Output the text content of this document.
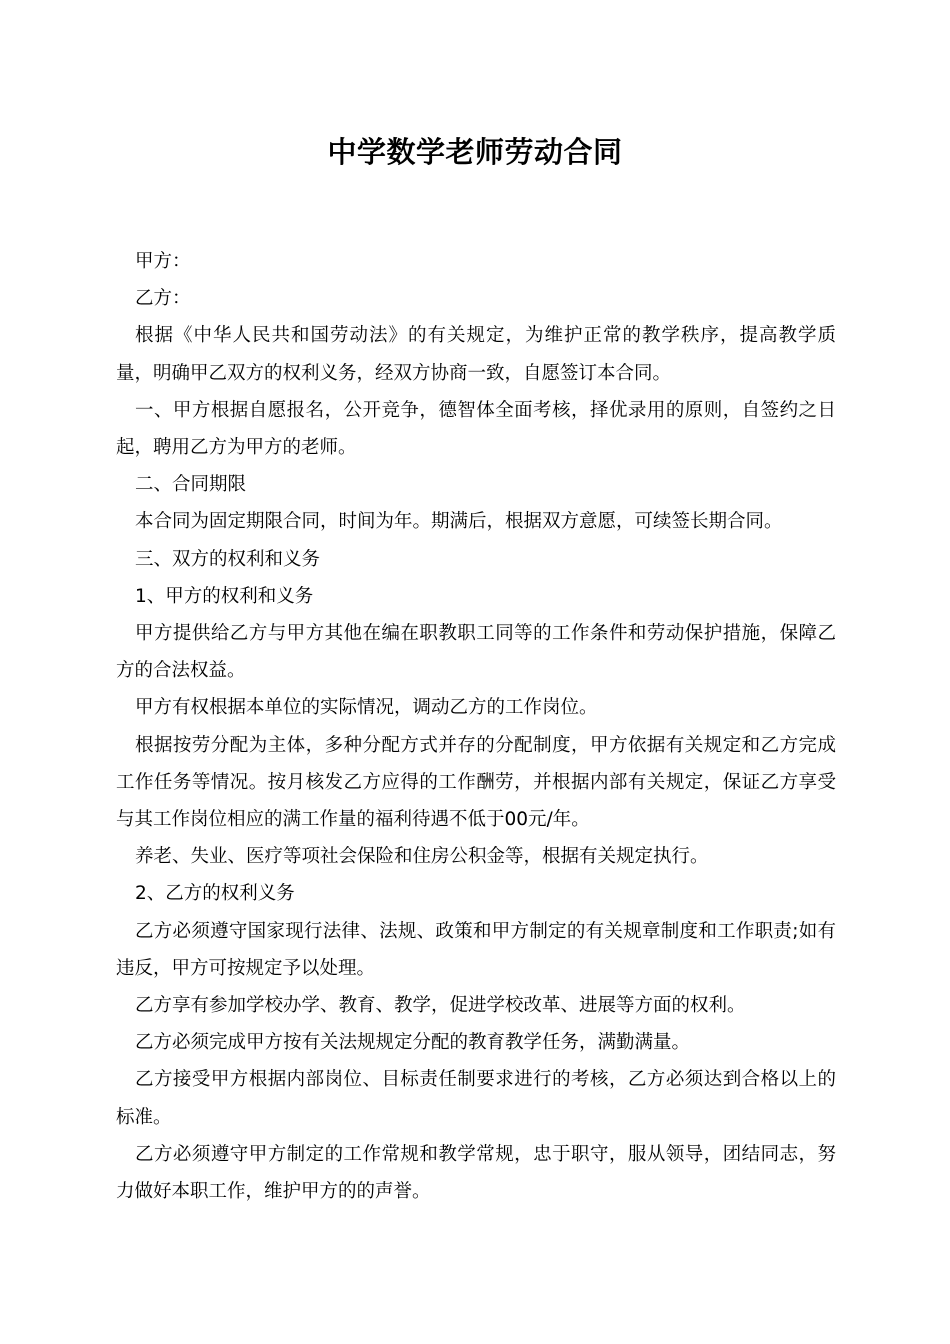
中学数学老师劳动合同

甲方：

乙方：

根据《中华人民共和国劳动法》的有关规定，为维护正常的教学秩序，提高教学质量，明确甲乙双方的权利义务，经双方协商一致，自愿签订本合同。

一、甲方根据自愿报名，公开竞争，德智体全面考核，择优录用的原则，自签约之日起，聘用乙方为甲方的老师。

二、合同期限

本合同为固定期限合同，时间为年。期满后，根据双方意愿，可续签长期合同。

三、双方的权利和义务

1、甲方的权利和义务

甲方提供给乙方与甲方其他在编在职教职工同等的工作条件和劳动保护措施，保障乙方的合法权益。

甲方有权根据本单位的实际情况，调动乙方的工作岗位。

根据按劳分配为主体，多种分配方式并存的分配制度，甲方依据有关规定和乙方完成工作任务等情况。按月核发乙方应得的工作酬劳，并根据内部有关规定，保证乙方享受与其工作岗位相应的满工作量的福利待遇不低于00元/年。

养老、失业、医疗等项社会保险和住房公积金等，根据有关规定执行。

2、乙方的权利义务

乙方必须遵守国家现行法律、法规、政策和甲方制定的有关规章制度和工作职责;如有违反，甲方可按规定予以处理。

乙方享有参加学校办学、教育、教学，促进学校改革、进展等方面的权利。

乙方必须完成甲方按有关法规规定分配的教育教学任务，满勤满量。

乙方接受甲方根据内部岗位、目标责任制要求进行的考核，乙方必须达到合格以上的标准。

乙方必须遵守甲方制定的工作常规和教学常规，忠于职守，服从领导，团结同志，努力做好本职工作，维护甲方的的声誉。
